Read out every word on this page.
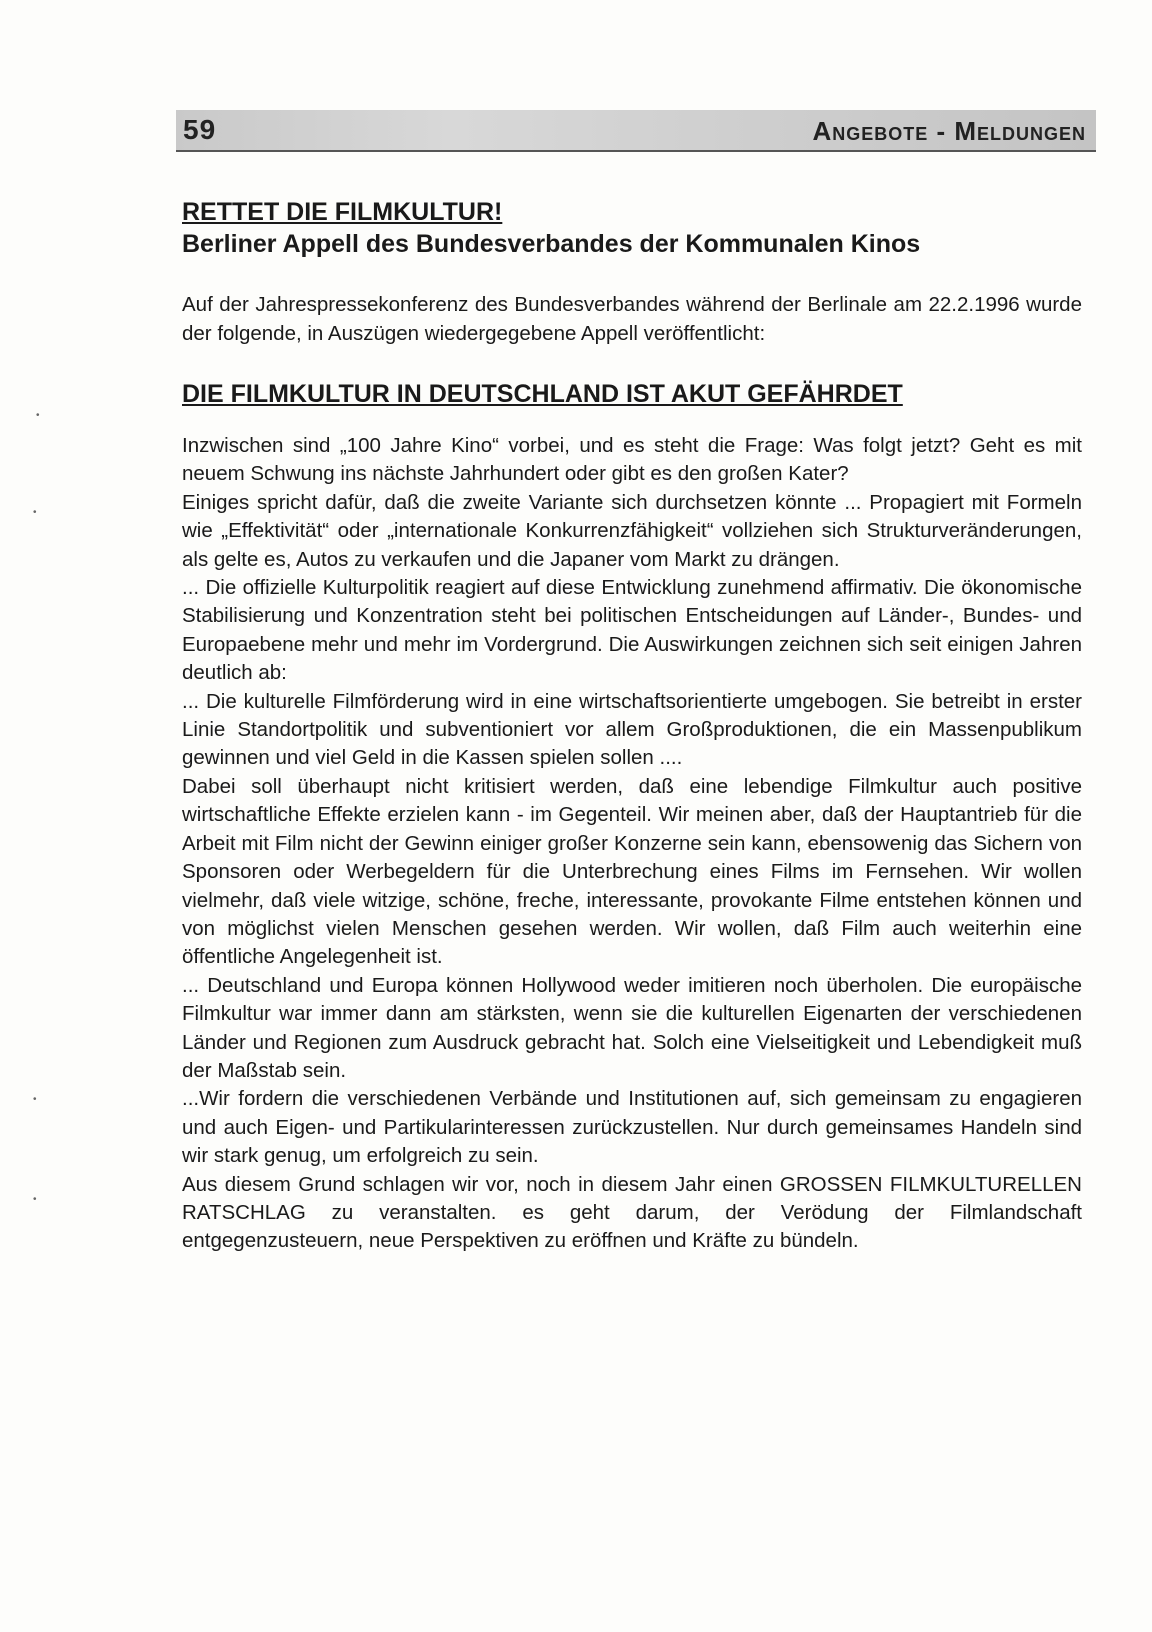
59	Angebote - Meldungen
•
•
•
•
RETTET DIE FILMKULTUR!
Berliner Appell des Bundesverbandes der Kommunalen Kinos

Auf der Jahrespressekonferenz des Bundesverbandes während der Berlinale am 22.2.1996 wurde der folgende, in Auszügen wiedergegebene Appell veröffentlicht:

DIE FILMKULTUR IN DEUTSCHLAND IST AKUT GEFÄHRDET

Inzwischen sind „100 Jahre Kino“ vorbei, und es steht die Frage: Was folgt jetzt? Geht es mit neuem Schwung ins nächste Jahrhundert oder gibt es den großen Kater?

Einiges spricht dafür, daß die zweite Variante sich durchsetzen könnte ... Propagiert mit Formeln wie „Effektivität“ oder „internationale Konkurrenzfähigkeit“ vollziehen sich Strukturveränderungen, als gelte es, Autos zu verkaufen und die Japaner vom Markt zu drängen.

... Die offizielle Kulturpolitik reagiert auf diese Entwicklung zunehmend affirmativ. Die ökonomische Stabilisierung und Konzentration steht bei politischen Entscheidungen auf Länder-, Bundes- und Europaebene mehr und mehr im Vordergrund. Die Auswirkungen zeichnen sich seit einigen Jahren deutlich ab:

... Die kulturelle Filmförderung wird in eine wirtschaftsorientierte umgebogen. Sie betreibt in erster Linie Standortpolitik und subventioniert vor allem Großproduktionen, die ein Massenpublikum gewinnen und viel Geld in die Kassen spielen sollen ....

Dabei soll überhaupt nicht kritisiert werden, daß eine lebendige Filmkultur auch positive wirtschaftliche Effekte erzielen kann - im Gegenteil. Wir meinen aber, daß der Hauptantrieb für die Arbeit mit Film nicht der Gewinn einiger großer Konzerne sein kann, ebensowenig das Sichern von Sponsoren oder Werbegeldern für die Unterbrechung eines Films im Fernsehen. Wir wollen vielmehr, daß viele witzige, schöne, freche, interessante, provokante Filme entstehen können und von möglichst vielen Menschen gesehen werden. Wir wollen, daß Film auch weiterhin eine öffentliche Angelegenheit ist.

... Deutschland und Europa können Hollywood weder imitieren noch überholen. Die europäische Filmkultur war immer dann am stärksten, wenn sie die kulturellen Eigenarten der verschiedenen Länder und Regionen zum Ausdruck gebracht hat. Solch eine Vielseitigkeit und Lebendigkeit muß der Maßstab sein.

...Wir fordern die verschiedenen Verbände und Institutionen auf, sich gemeinsam zu engagieren und auch Eigen- und Partikularinteressen zurückzustellen. Nur durch gemeinsames Handeln sind wir stark genug, um erfolgreich zu sein.

Aus diesem Grund schlagen wir vor, noch in diesem Jahr einen GROSSEN FILMKULTURELLEN RATSCHLAG zu veranstalten. es geht darum, der Verödung der Filmlandschaft entgegenzusteuern, neue Perspektiven zu eröffnen und Kräfte zu bündeln.
